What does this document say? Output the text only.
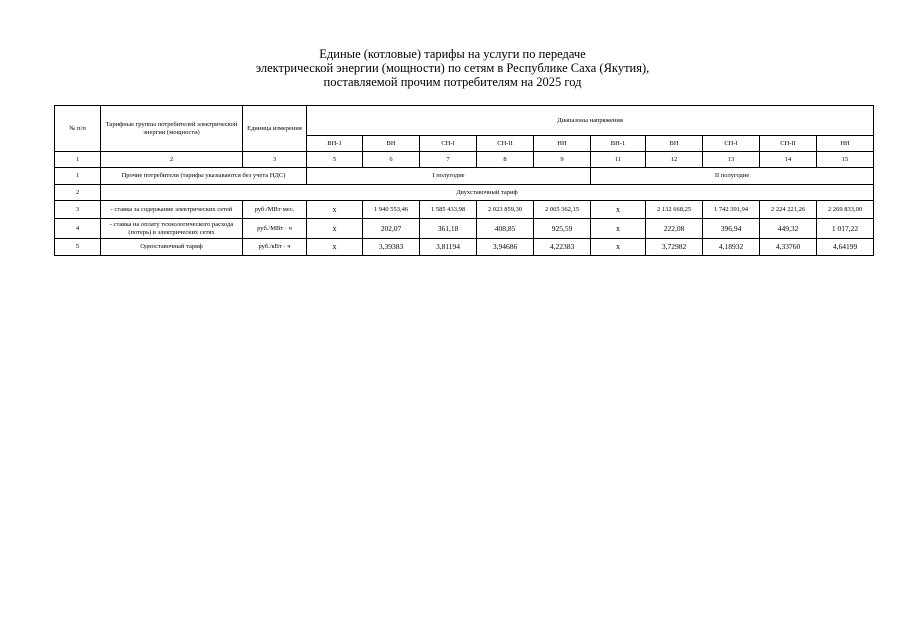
Единые (котловые) тарифы на услуги по передаче
электрической энергии (мощности) по сетям в Республике Саха (Якутия),
поставляемой прочим потребителям на 2025 год
№ п/п	Тарифные группы потребителей электрической энергии (мощности)	Единица измерения	Диапазоны напряжения									
			ВН-1	ВН	СН-I	СН-II	НН	ВН-1	ВН	СН-I	СН-II	НН
1	2	3	5	6	7	8	9	11	12	13	14	15
1	Прочие потребители (тарифы указываются без учета НДС)		I полугодие					II полугодие				
2	Двухставочный тариф											
3	- ставка за содержание электрических сетей	руб./МВт·мес.	х	1 940 553,46	1 585 433,98	2 023 859,30	2 065 362,15	х	2 132 668,25	1 742 391,94	2 224 221,26	2 269 833,00
4	- ставка на оплату технологического расхода (потерь) в электрических сетях	руб./МВт · ч	х	202,07	361,18	408,85	925,59	х	222,08	396,94	449,32	1 017,22
5	Одноставочный тариф	руб./кВт · ч	х	3,39383	3,81194	3,94686	4,22383	х	3,72982	4,18932	4,33760	4,64199
